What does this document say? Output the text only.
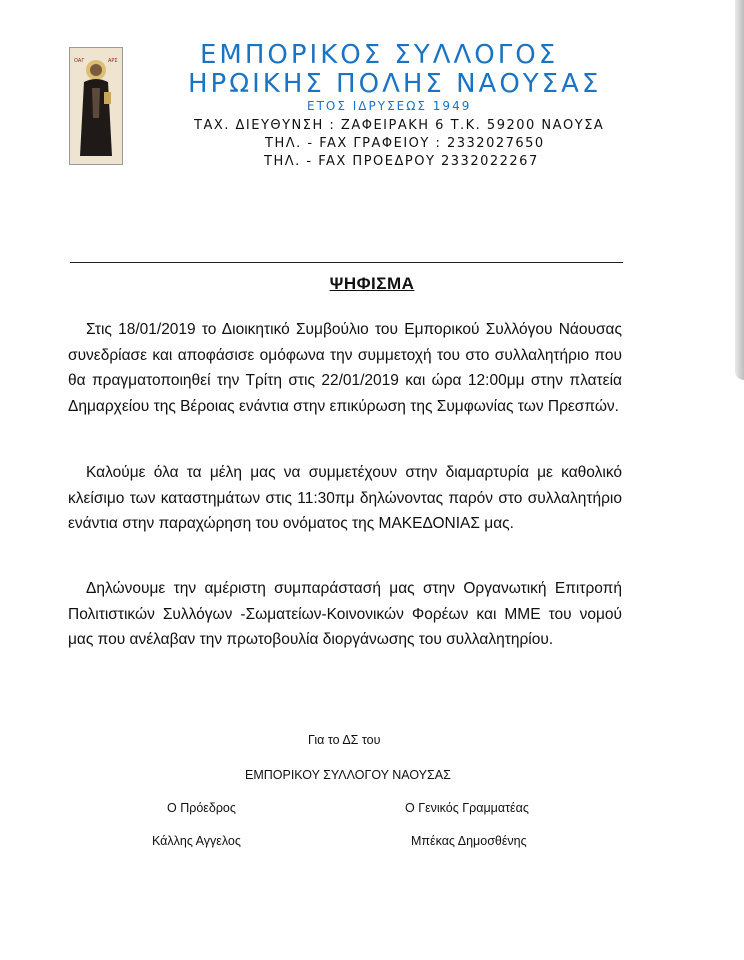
ΟΑΓ	ΑΡΣ	ΕΜΠΟΡΙΚΟΣ ΣΥΛΛΟΓΟΣ
ΗΡΩΙΚΗΣ ΠΟΛΗΣ ΝΑΟΥΣΑΣ
ΕΤΟΣ ΙΔΡΥΣΕΩΣ 1949
ΤΑΧ. ΔΙΕΥΘΥΝΣΗ : ΖΑΦΕΙΡΑΚΗ 6 Τ.Κ. 59200 ΝΑΟΥΣΑ
ΤΗΛ. - FAX ΓΡΑΦΕΙΟΥ : 2332027650
ΤΗΛ. - FAX ΠΡΟΕΔΡΟΥ 2332022267
ΨΗΦΙΣΜΑ
Στις 18/01/2019 το Διοικητικό Συμβούλιο του Εμπορικού Συλλόγου Νάουσας συνεδρίασε και αποφάσισε ομόφωνα την συμμετοχή του στο συλλαλητήριο που θα πραγματοποιηθεί την Τρίτη στις 22/01/2019 και ώρα 12:00μμ στην πλατεία Δημαρχείου της Βέροιας ενάντια στην επικύρωση της Συμφωνίας των Πρεσπών.
Καλούμε όλα τα μέλη μας να συμμετέχουν στην διαμαρτυρία με καθολικό κλείσιμο των καταστημάτων στις 11:30πμ δηλώνοντας παρόν στο συλλαλητήριο ενάντια στην παραχώρηση του ονόματος της ΜΑΚΕΔΟΝΙΑΣ μας.
Δηλώνουμε την αμέριστη συμπαράστασή μας στην Οργανωτική Επιτροπή Πολιτιστικών Συλλόγων -Σωματείων-Κοινονικών Φορέων και ΜΜΕ του νομού μας που ανέλαβαν την πρωτοβουλία διοργάνωσης του συλλαλητηρίου.
Για το ΔΣ του
ΕΜΠΟΡΙΚΟΥ ΣΥΛΛΟΓΟΥ ΝΑΟΥΣΑΣ
Ο Πρόεδρος	Ο Γενικός Γραμματέας
Κάλλης Αγγελος	Μπέκας Δημοσθένης
